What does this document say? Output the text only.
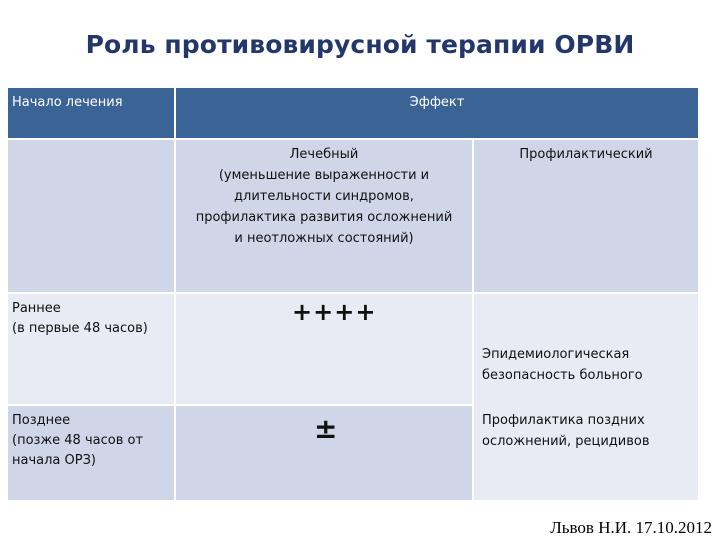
Роль противовирусной терапии ОРВИ
Начало лечения	Эффект
Лечебный
(уменьшение выраженности и
длительности синдромов,
профилактика развития осложнений
и неотложных состояний)
Профилактический
Раннее
(в первые 48 часов)
++++
Позднее
(позже 48 часов от
начала ОРЗ)
±
Эпидемиологическая
безопасность больного
Профилактика поздних
осложнений, рецидивов
Львов Н.И. 17.10.2012
